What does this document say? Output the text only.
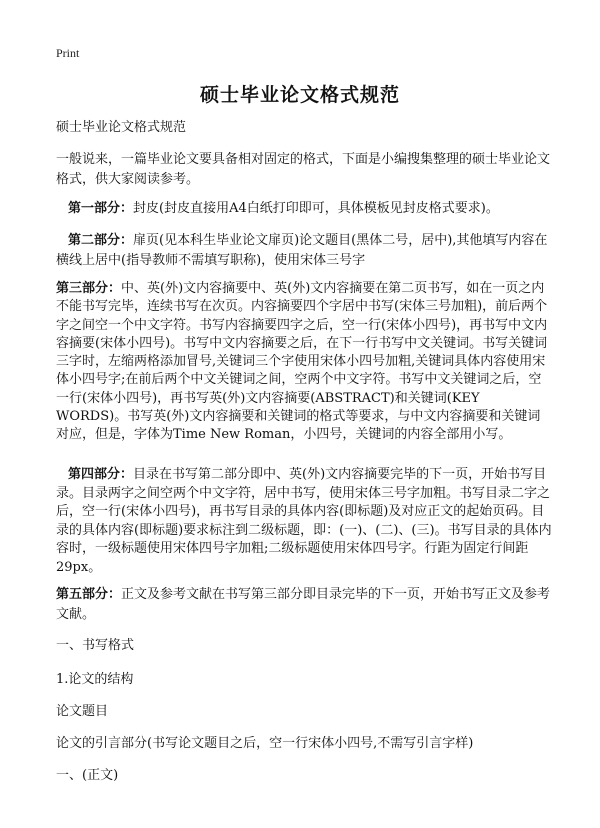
Print
硕士毕业论文格式规范

硕士毕业论文格式规范

一般说来，一篇毕业论文要具备相对固定的格式，下面是小编搜集整理的硕士毕业论文格式，供大家阅读参考。

第一部分：封皮(封皮直接用A4白纸打印即可，具体模板见封皮格式要求)。

第二部分：扉页(见本科生毕业论文扉页)论文题目(黑体二号，居中),其他填写内容在横线上居中(指导教师不需填写职称)，使用宋体三号字

第三部分：中、英(外)文内容摘要中、英(外)文内容摘要在第二页书写，如在一页之内不能书写完毕，连续书写在次页。内容摘要四个字居中书写(宋体三号加粗)，前后两个字之间空一个中文字符。书写内容摘要四字之后，空一行(宋体小四号)，再书写中文内容摘要(宋体小四号)。书写中文内容摘要之后，在下一行书写中文关键词。书写关键词三字时，左缩两格添加冒号,关键词三个字使用宋体小四号加粗,关键词具体内容使用宋体小四号字;在前后两个中文关键词之间，空两个中文字符。书写中文关键词之后，空一行(宋体小四号)，再书写英(外)文内容摘要(ABSTRACT)和关键词(KEY WORDS)。书写英(外)文内容摘要和关键词的格式等要求，与中文内容摘要和关键词对应，但是，字体为Time New Roman，小四号，关键词的内容全部用小写。

第四部分：目录在书写第二部分即中、英(外)文内容摘要完毕的下一页，开始书写目录。目录两字之间空两个中文字符，居中书写，使用宋体三号字加粗。书写目录二字之后，空一行(宋体小四号)，再书写目录的具体内容(即标题)及对应正文的起始页码。目录的具体内容(即标题)要求标注到二级标题，即：(一)、(二)、(三)。书写目录的具体内容时，一级标题使用宋体四号字加粗;二级标题使用宋体四号字。行距为固定行间距29px。

第五部分：正文及参考文献在书写第三部分即目录完毕的下一页，开始书写正文及参考文献。

一、书写格式

1.论文的结构

论文题目

论文的引言部分(书写论文题目之后，空一行宋体小四号,不需写引言字样)

一、(正文)
